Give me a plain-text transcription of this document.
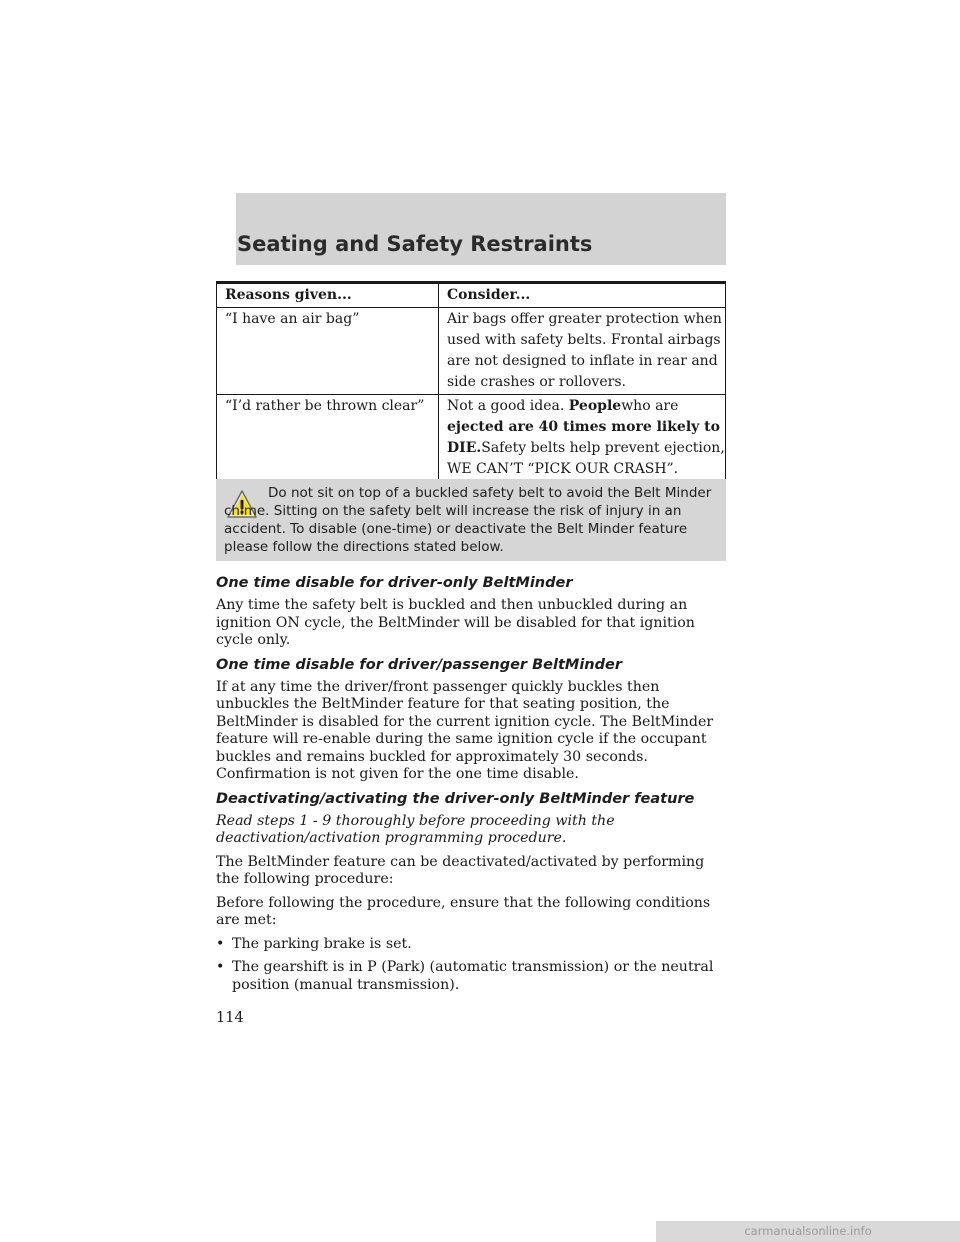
Seating and Safety Restraints
Reasons given...	Consider...
“I have an air bag”	Air bags offer greater protection when used with safety belts. Frontal airbags are not designed to inflate in rear and side crashes or rollovers.
“I’d rather be thrown clear”	Not a good idea. Peoplewho are ejected are 40 times more likely to DIE.Safety belts help prevent ejection, WE CAN’T “PICK OUR CRASH”.
Do not sit on top of a buckled safety belt to avoid the Belt Minder chime. Sitting on the safety belt will increase the risk of injury in an accident. To disable (one-time) or deactivate the Belt Minder feature please follow the directions stated below.
One time disable for driver-only BeltMinder

Any time the safety belt is buckled and then unbuckled during an ignition ON cycle, the BeltMinder will be disabled for that ignition cycle only.

One time disable for driver/passenger BeltMinder

If at any time the driver/front passenger quickly buckles then unbuckles the BeltMinder feature for that seating position, the BeltMinder is disabled for the current ignition cycle. The BeltMinder feature will re-enable during the same ignition cycle if the occupant buckles and remains buckled for approximately 30 seconds. Confirmation is not given for the one time disable.

Deactivating/activating the driver-only BeltMinder feature

Read steps 1 - 9 thoroughly before proceeding with the deactivation/activation programming procedure.

The BeltMinder feature can be deactivated/activated by performing the following procedure:

Before following the procedure, ensure that the following conditions are met:

• The parking brake is set.
• The gearshift is in P (Park) (automatic transmission) or the neutral position (manual transmission).
114
carmanualsonline.info
